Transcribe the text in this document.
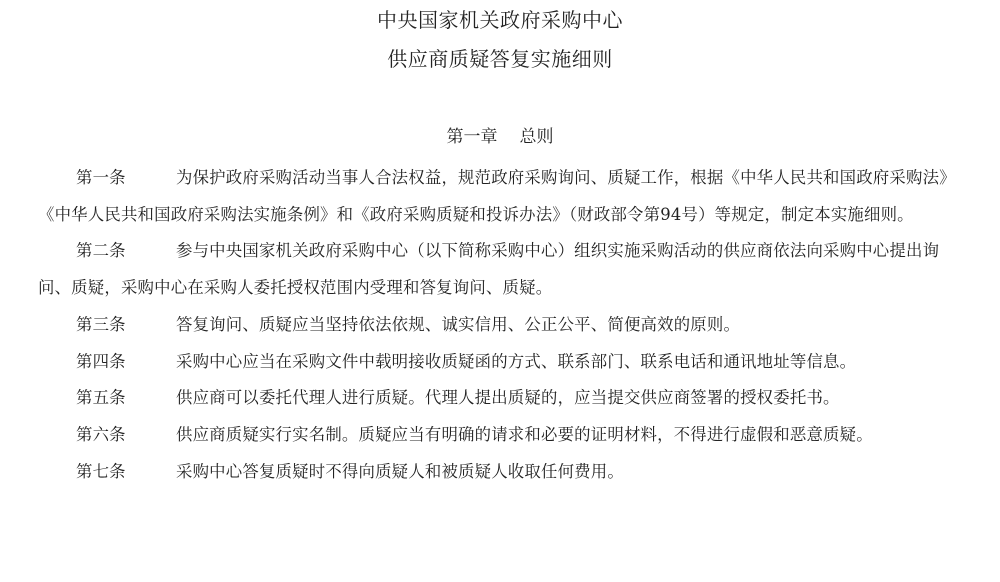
中央国家机关政府采购中心
供应商质疑答复实施细则
第一章 总则

第一条	为保护政府采购活动当事人合法权益，规范政府采购询问、质疑工作，根据《中华人民共和国政府采购法》《中华人民共和国政府采购法实施条例》和《政府采购质疑和投诉办法》（财政部令第94号）等规定，制定本实施细则。

第二条	参与中央国家机关政府采购中心（以下简称采购中心）组织实施采购活动的供应商依法向采购中心提出询问、质疑，采购中心在采购人委托授权范围内受理和答复询问、质疑。

第三条	答复询问、质疑应当坚持依法依规、诚实信用、公正公平、简便高效的原则。

第四条	采购中心应当在采购文件中载明接收质疑函的方式、联系部门、联系电话和通讯地址等信息。

第五条	供应商可以委托代理人进行质疑。代理人提出质疑的，应当提交供应商签署的授权委托书。

第六条	供应商质疑实行实名制。质疑应当有明确的请求和必要的证明材料，不得进行虚假和恶意质疑。

第七条	采购中心答复质疑时不得向质疑人和被质疑人收取任何费用。
